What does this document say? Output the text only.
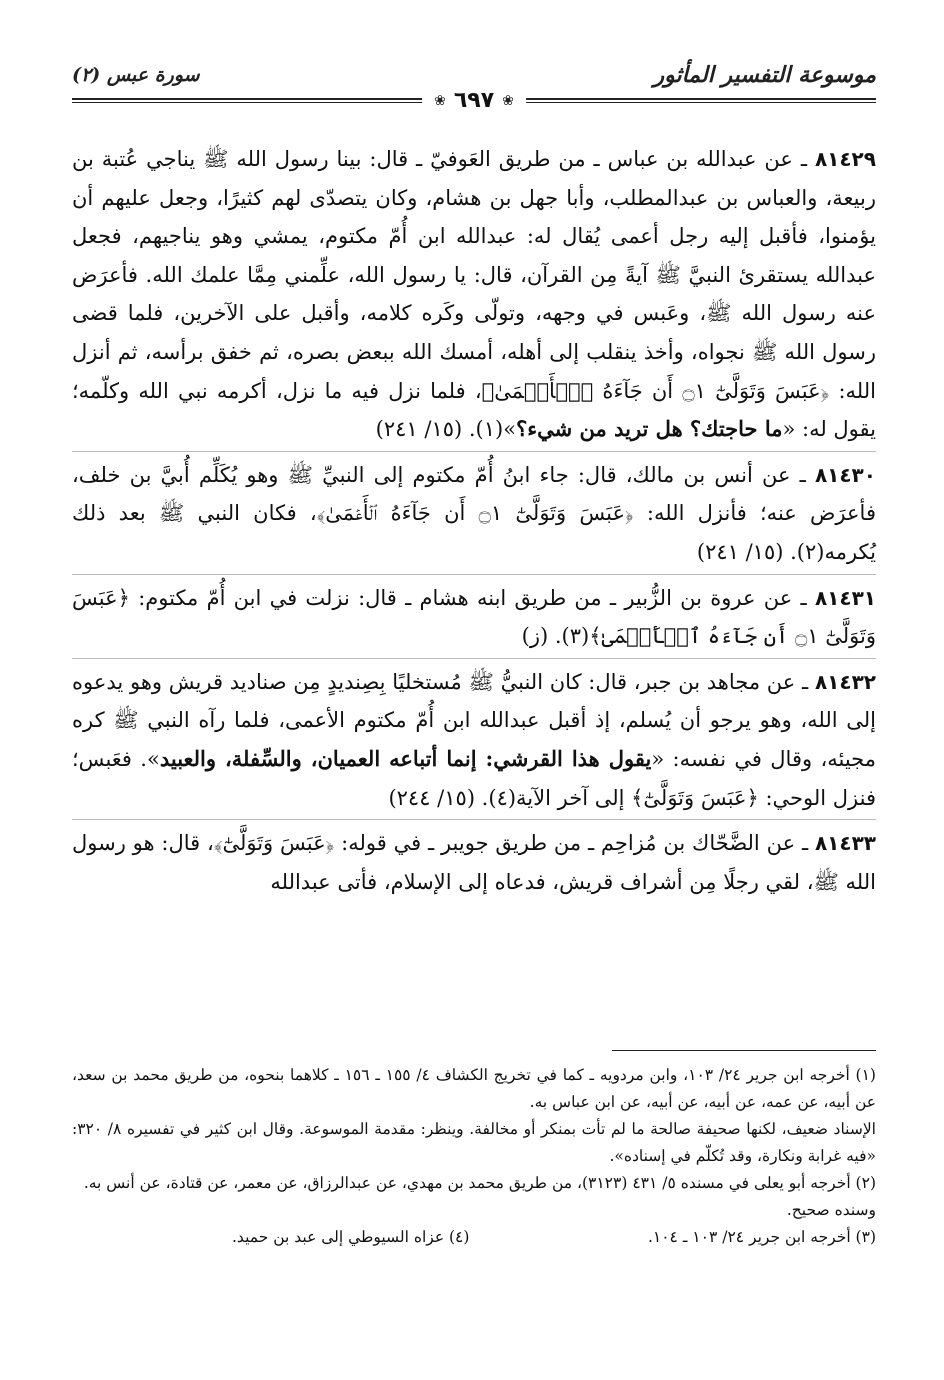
موسوعة التفسير المأثور
سورة عبس (٢)
❀
٦٩٧
❀

٨١٤٢٩ ـ عن عبدالله بن عباس ـ من طريق العَوفيّ ـ قال: بينا رسول الله ﷺ يناجي عُتبة بن ربيعة، والعباس بن عبدالمطلب، وأبا جهل بن هشام، وكان يتصدّى لهم كثيرًا، وجعل عليهم أن يؤمنوا، فأقبل إليه رجل أعمى يُقال له: عبدالله ابن أُمّ مكتوم، يمشي وهو يناجيهم، فجعل عبدالله يستقرئ النبيَّ ﷺ آيةً مِن القرآن، قال: يا رسول الله، علِّمني مِمَّا علمك الله. فأعرَض عنه رسول الله ﷺ، وعَبس في وجهه، وتولّى وكَره كلامه، وأقبل على الآخرين، فلما قضى رسول الله ﷺ نجواه، وأخذ ينقلب إلى أهله، أمسك الله ببعض بصره، ثم خفق برأسه، ثم أنزل الله: ﴿عَبَسَ وَتَوَلَّىٰٓ ۝١ أَن جَآءَهُ ٱلۡأَعۡمَىٰ﴾، فلما نزل فيه ما نزل، أكرمه نبي الله وكلّمه؛ يقول له: «ما حاجتك؟ هل تريد من شيء؟»(١). (١٥/ ٢٤١)

٨١٤٣٠ ـ عن أنس بن مالك، قال: جاء ابنُ أُمّ مكتوم إلى النبيِّ ﷺ وهو يُكَلِّم أُبيَّ بن خلف، فأعرَض عنه؛ فأنزل الله: ﴿عَبَسَ وَتَوَلَّىٰٓ ۝١ أَن جَآءَهُ ٱلۡأَعۡمَىٰ﴾، فكان النبي ﷺ بعد ذلك يُكرمه(٢). (١٥/ ٢٤١)

٨١٤٣١ ـ عن عروة بن الزُّبير ـ من طريق ابنه هشام ـ قال: نزلت في ابن أُمّ مكتوم: ﴿عَبَسَ وَتَوَلَّىٰٓ ۝١ أَن جَآءَهُ ٱلۡأَعۡمَىٰ﴾(٣). (ز)

٨١٤٣٢ ـ عن مجاهد بن جبر، قال: كان النبيُّ ﷺ مُستخليًا بِصِنديدٍ مِن صناديد قريش وهو يدعوه إلى الله، وهو يرجو أن يُسلم، إذ أقبل عبدالله ابن أُمّ مكتوم الأعمى، فلما رآه النبي ﷺ كره مجيئه، وقال في نفسه: «يقول هذا القرشي: إنما أتباعه العميان، والسِّفلة، والعبيد». فعَبس؛ فنزل الوحي: ﴿عَبَسَ وَتَوَلَّىٰٓ﴾ إلى آخر الآية(٤). (١٥/ ٢٤٤)

٨١٤٣٣ ـ عن الضَّحّاك بن مُزاحِم ـ من طريق جويبر ـ في قوله: ﴿عَبَسَ وَتَوَلَّىٰٓ﴾، قال: هو رسول الله ﷺ، لقي رجلًا مِن أشراف قريش، فدعاه إلى الإسلام، فأتى عبدالله

(١) أخرجه ابن جرير ٢٤/ ١٠٣، وابن مردويه ـ كما في تخريج الكشاف ٤/ ١٥٥ ـ ١٥٦ ـ كلاهما بنحوه، من طريق محمد بن سعد، عن أبيه، عن عمه، عن أبيه، عن أبيه، عن ابن عباس به.

الإسناد ضعيف، لكنها صحيفة صالحة ما لم تأت بمنكر أو مخالفة. وينظر: مقدمة الموسوعة. وقال ابن كثير في تفسيره ٨/ ٣٢٠: «فيه غرابة ونكارة، وقد تُكلّم في إسناده».

(٢) أخرجه أبو يعلى في مسنده ٥/ ٤٣١ (٣١٢٣)، من طريق محمد بن مهدي، عن عبدالرزاق، عن معمر، عن قتادة، عن أنس به.

وسنده صحيح.

(٣) أخرجه ابن جرير ٢٤/ ١٠٣ ـ ١٠٤.

(٤) عزاه السيوطي إلى عبد بن حميد.
